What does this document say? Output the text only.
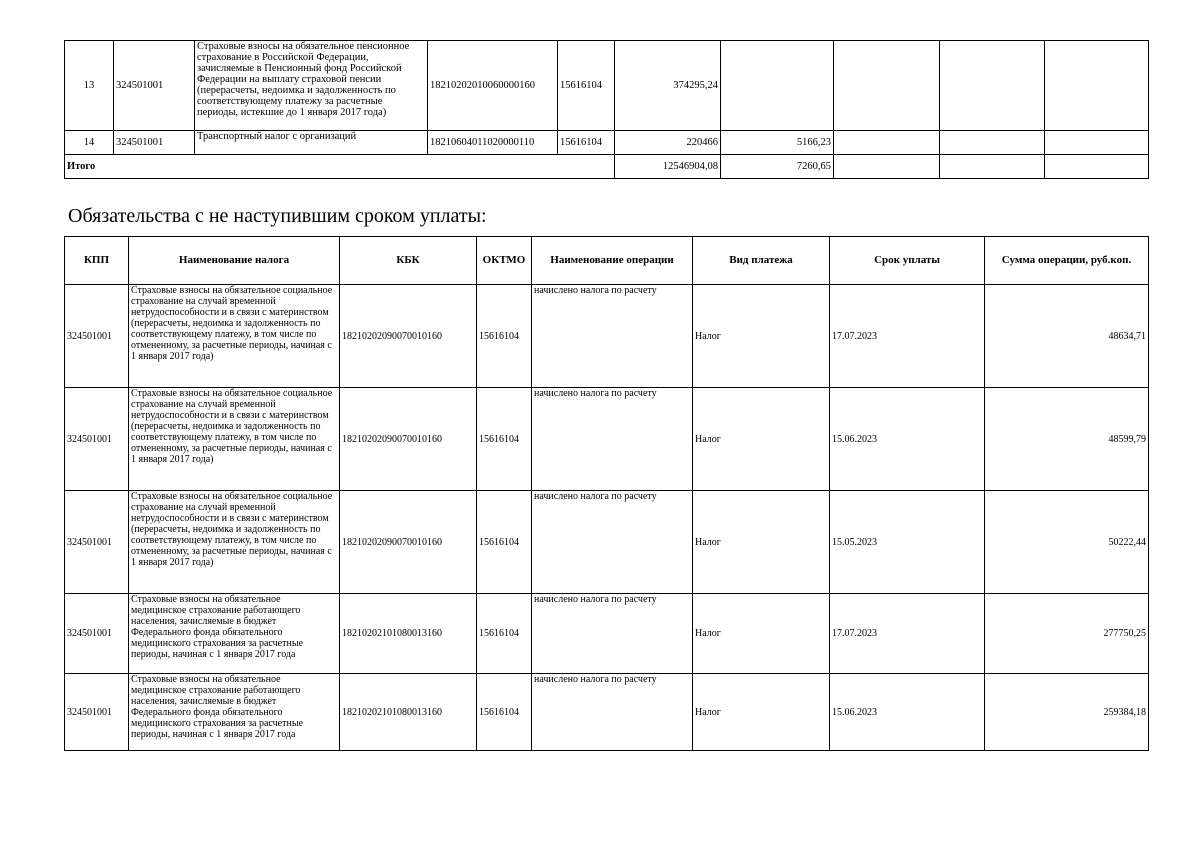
13	324501001	Страховые взносы на обязательное пенсионное страхование в Российской Федерации, зачисляемые в Пенсионный фонд Российской Федерации на выплату страховой пенсии (перерасчеты, недоимка и задолженность по соответствующему платежу за расчетные периоды, истекшие до 1 января 2017 года)	18210202010060000160	15616104	374295,24				
14	324501001	Транспортный налог с организаций	18210604011020000110	15616104	220466	5166,23			
Итого					12546904,08	7260,65			
Обязательства с не наступившим сроком уплаты:
КПП	Наименование налога	КБК	ОКТМО	Наименование операции	Вид платежа	Срок уплаты	Сумма операции, руб.коп.
324501001	Страховые взносы на обязательное социальное страхование на случай временной нетрудоспособности и в связи с материнством (перерасчеты, недоимка и задолженность по соответствующему платежу, в том числе по отмененному, за расчетные периоды, начиная с 1 января 2017 года)	18210202090070010160	15616104	начислено налога по расчету	Налог	17.07.2023	48634,71
324501001	Страховые взносы на обязательное социальное страхование на случай временной нетрудоспособности и в связи с материнством (перерасчеты, недоимка и задолженность по соответствующему платежу, в том числе по отмененному, за расчетные периоды, начиная с 1 января 2017 года)	18210202090070010160	15616104	начислено налога по расчету	Налог	15.06.2023	48599,79
324501001	Страховые взносы на обязательное социальное страхование на случай временной нетрудоспособности и в связи с материнством (перерасчеты, недоимка и задолженность по соответствующему платежу, в том числе по отмененному, за расчетные периоды, начиная с 1 января 2017 года)	18210202090070010160	15616104	начислено налога по расчету	Налог	15.05.2023	50222,44
324501001	Страховые взносы на обязательное медицинское страхование работающего населения, зачисляемые в бюджет Федерального фонда обязательного медицинского страхования за расчетные периоды, начиная с 1 января 2017 года	18210202101080013160	15616104	начислено налога по расчету	Налог	17.07.2023	277750,25
324501001	Страховые взносы на обязательное медицинское страхование работающего населения, зачисляемые в бюджет Федерального фонда обязательного медицинского страхования за расчетные периоды, начиная с 1 января 2017 года	18210202101080013160	15616104	начислено налога по расчету	Налог	15.06.2023	259384,18
